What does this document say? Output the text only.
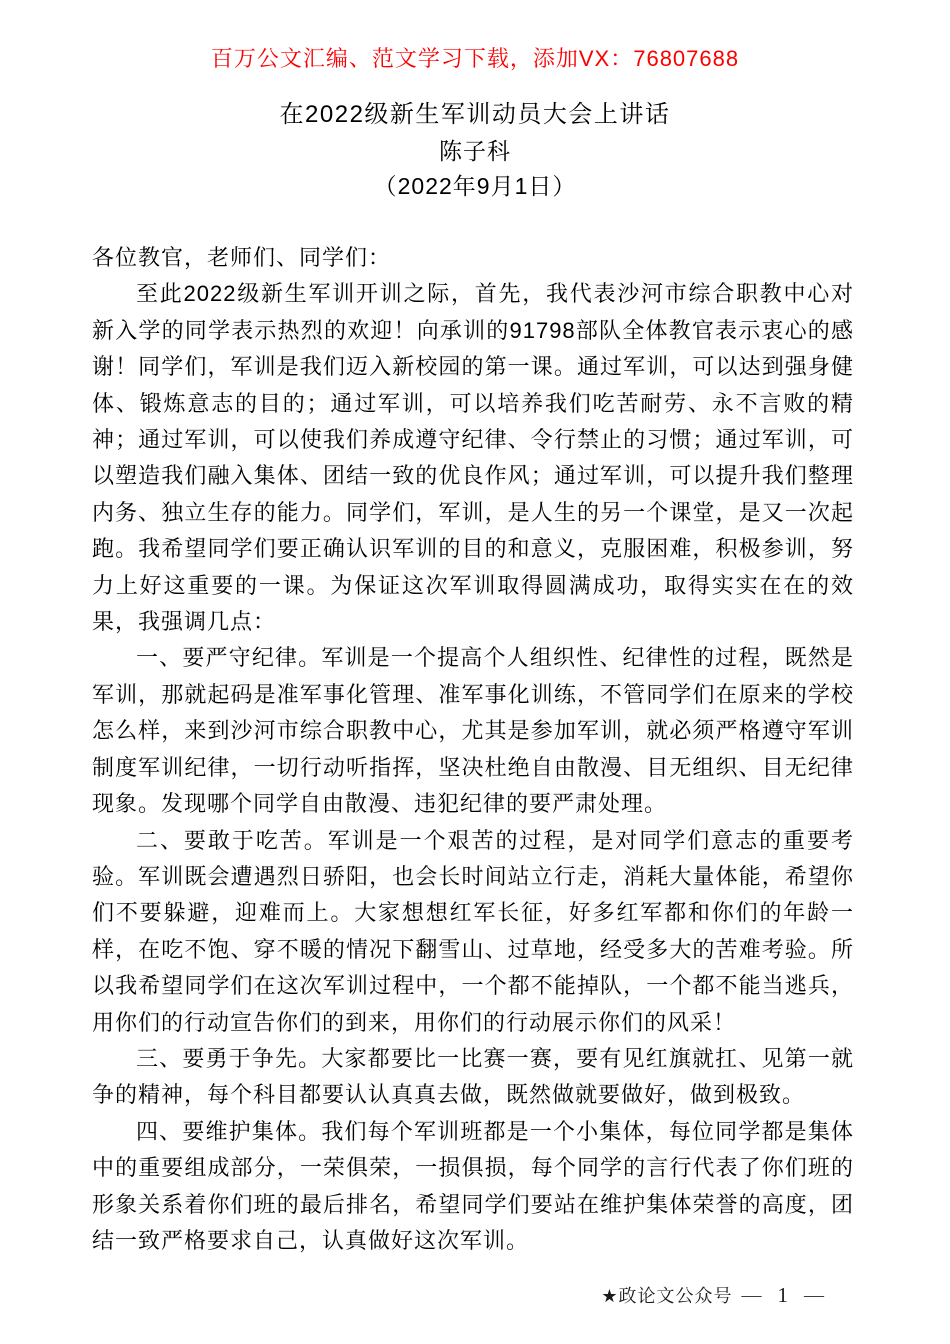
百万公文汇编、范文学习下载，添加VX：76807688
在2022级新生军训动员大会上讲话
陈子科
（2022年9月1日）

各位教官，老师们、同学们：

至此2022级新生军训开训之际，首先，我代表沙河市综合职教中心对新入学的同学表示热烈的欢迎！向承训的91798部队全体教官表示衷心的感谢！同学们，军训是我们迈入新校园的第一课。通过军训，可以达到强身健体、锻炼意志的目的；通过军训，可以培养我们吃苦耐劳、永不言败的精神；通过军训，可以使我们养成遵守纪律、令行禁止的习惯；通过军训，可以塑造我们融入集体、团结一致的优良作风；通过军训，可以提升我们整理内务、独立生存的能力。同学们，军训，是人生的另一个课堂，是又一次起跑。我希望同学们要正确认识军训的目的和意义，克服困难，积极参训，努力上好这重要的一课。为保证这次军训取得圆满成功，取得实实在在的效果，我强调几点：

一、要严守纪律。军训是一个提高个人组织性、纪律性的过程，既然是军训，那就起码是准军事化管理、准军事化训练，不管同学们在原来的学校怎么样，来到沙河市综合职教中心，尤其是参加军训，就必须严格遵守军训制度军训纪律，一切行动听指挥，坚决杜绝自由散漫、目无组织、目无纪律现象。发现哪个同学自由散漫、违犯纪律的要严肃处理。

二、要敢于吃苦。军训是一个艰苦的过程，是对同学们意志的重要考验。军训既会遭遇烈日骄阳，也会长时间站立行走，消耗大量体能，希望你们不要躲避，迎难而上。大家想想红军长征，好多红军都和你们的年龄一样，在吃不饱、穿不暖的情况下翻雪山、过草地，经受多大的苦难考验。所以我希望同学们在这次军训过程中，一个都不能掉队，一个都不能当逃兵，用你们的行动宣告你们的到来，用你们的行动展示你们的风采！

三、要勇于争先。大家都要比一比赛一赛，要有见红旗就扛、见第一就争的精神，每个科目都要认认真真去做，既然做就要做好，做到极致。

四、要维护集体。我们每个军训班都是一个小集体，每位同学都是集体中的重要组成部分，一荣俱荣，一损俱损，每个同学的言行代表了你们班的形象关系着你们班的最后排名，希望同学们要站在维护集体荣誉的高度，团结一致严格要求自己，认真做好这次军训。

★政论文公众号 — 1 —
